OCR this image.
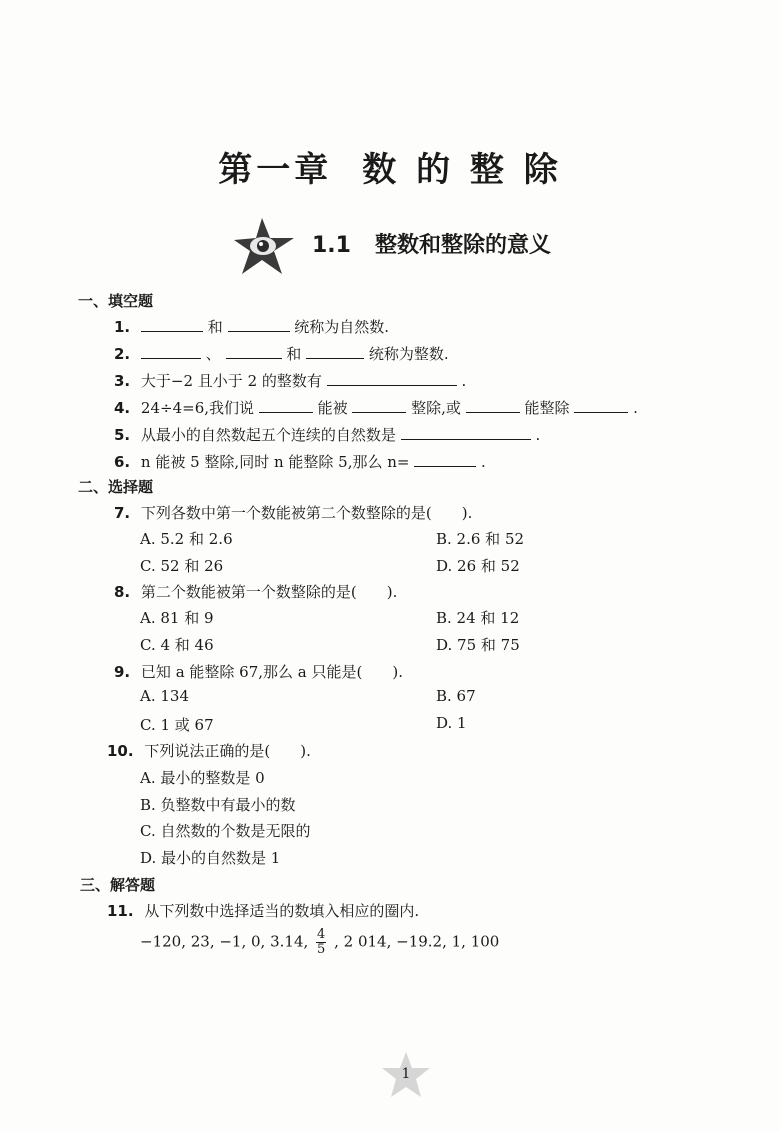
第一章 数 的 整 除
1.1 整数和整除的意义
一、填空题
1.	和	统称为自然数.
2.	、	和	统称为整数.
3. 大于−2 且小于 2 的整数有	.
4. 24÷4=6,我们说	能被	整除,或	能整除	.
5. 从最小的自然数起五个连续的自然数是	.
6. n 能被 5 整除,同时 n 能整除 5,那么 n=	.
二、选择题
7. 下列各数中第一个数能被第二个数整除的是(　　).
A. 5.2 和 2.6	B. 2.6 和 52
C. 52 和 26	D. 26 和 52
8. 第二个数能被第一个数整除的是(　　).
A. 81 和 9	B. 24 和 12
C. 4 和 46	D. 75 和 75
9. 已知 a 能整除 67,那么 a 只能是(　　).
A. 134	B. 67
C. 1 或 67	D. 1
10. 下列说法正确的是(　　).
A. 最小的整数是 0
B. 负整数中有最小的数
C. 自然数的个数是无限的
D. 最小的自然数是 1
三、解答题
11. 从下列数中选择适当的数填入相应的圈内.
−120, 23, −1, 0, 3.14, $\frac{4}{5}$ , 2 014, −19.2, 1, 100
1
